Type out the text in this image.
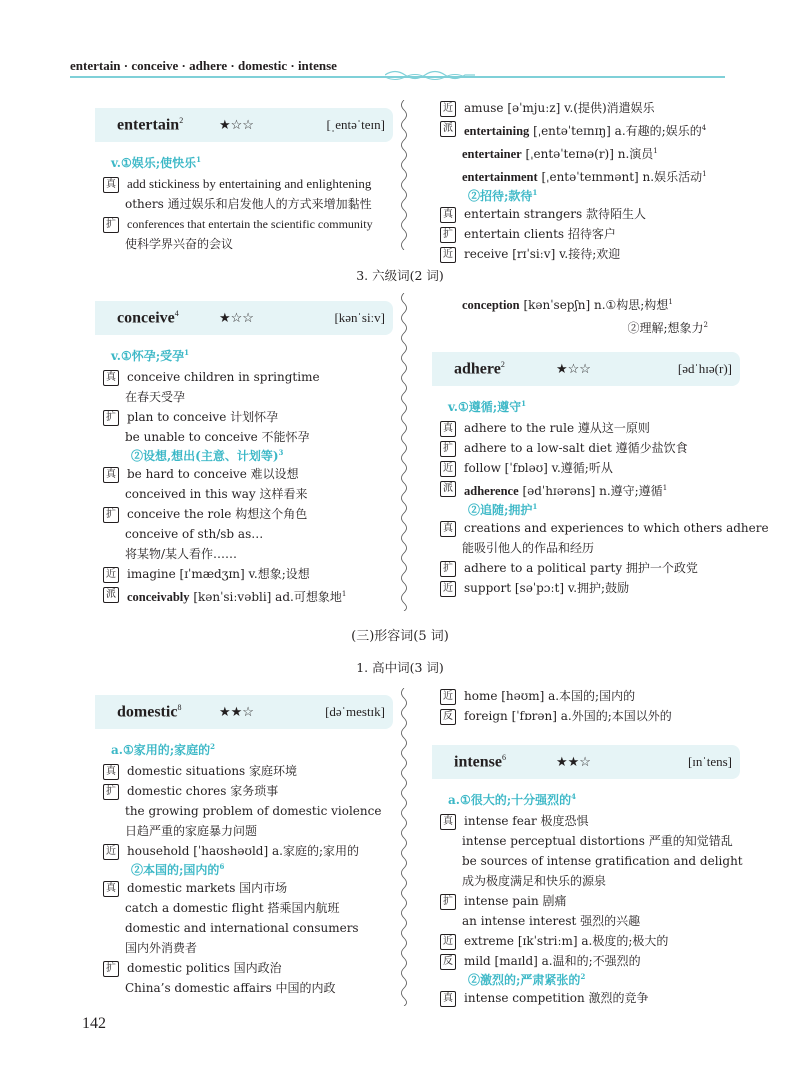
entertain · conceive · adhere · domestic · intense
entertain$^2$	★☆☆	[ˌentəˈteɪn]
v.①娱乐;使快乐$^1$
真 add stickiness by entertaining and enlightening
others 通过娱乐和启发他人的方式来增加黏性
扩 conferences that entertain the scientific community
使科学界兴奋的会议
近 amuse [əˈmjuːz] v.(提供)消遣娱乐
派 entertaining [ˌentəˈteɪnɪŋ] a.有趣的;娱乐的$^4$
entertainer [ˌentəˈteɪnə(r)] n.演员$^1$
entertainment [ˌentəˈteɪnmənt] n.娱乐活动$^1$
②招待;款待$^1$
真 entertain strangers 款待陌生人
扩 entertain clients 招待客户
近 receive [rɪˈsiːv] v.接待;欢迎
3. 六级词(2 词)
conceive$^4$	★☆☆	[kənˈsiːv]
v.①怀孕;受孕$^1$
真 conceive children in springtime
在春天受孕
扩 plan to conceive 计划怀孕
be unable to conceive 不能怀孕
②设想,想出(主意、计划等)$^3$
真 be hard to conceive 难以设想
conceived in this way 这样看来
扩 conceive the role 构想这个角色
conceive of sth/sb as…
将某物/某人看作……
近 imagine [ɪˈmædʒɪn] v.想象;设想
派 conceivably [kənˈsiːvəbli] ad.可想象地$^1$
conception [kənˈsepʃn] n.①构思;构想$^1$
②理解;想象力$^2$
adhere$^2$	★☆☆	[ədˈhɪə(r)]
v.①遵循;遵守$^1$
真 adhere to the rule 遵从这一原则
扩 adhere to a low-salt diet 遵循少盐饮食
近 follow [ˈfɒləʊ] v.遵循;听从
派 adherence [ədˈhɪərəns] n.遵守;遵循$^1$
②追随;拥护$^1$
真 creations and experiences to which others adhere
能吸引他人的作品和经历
扩 adhere to a political party 拥护一个政党
近 support [səˈpɔːt] v.拥护;鼓励
(三)形容词(5 词)
1. 高中词(3 词)
domestic$^8$	★★☆	[dəˈmestɪk]
a.①家用的;家庭的$^2$
真 domestic situations 家庭环境
扩 domestic chores 家务琐事
the growing problem of domestic violence
日趋严重的家庭暴力问题
近 household [ˈhaʊshəʊld] a.家庭的;家用的
②本国的;国内的$^6$
真 domestic markets 国内市场
catch a domestic flight 搭乘国内航班
domestic and international consumers
国内外消费者
扩 domestic politics 国内政治
China’s domestic affairs 中国的内政
近 home [həʊm] a.本国的;国内的
反 foreign [ˈfɒrən] a.外国的;本国以外的
intense$^6$	★★☆	[ɪnˈtens]
a.①很大的;十分强烈的$^4$
真 intense fear 极度恐惧
intense perceptual distortions 严重的知觉错乱
be sources of intense gratification and delight
成为极度满足和快乐的源泉
扩 intense pain 剧痛
an intense interest 强烈的兴趣
近 extreme [ɪkˈstriːm] a.极度的;极大的
反 mild [maɪld] a.温和的;不强烈的
②激烈的;严肃紧张的$^2$
真 intense competition 激烈的竞争
142
